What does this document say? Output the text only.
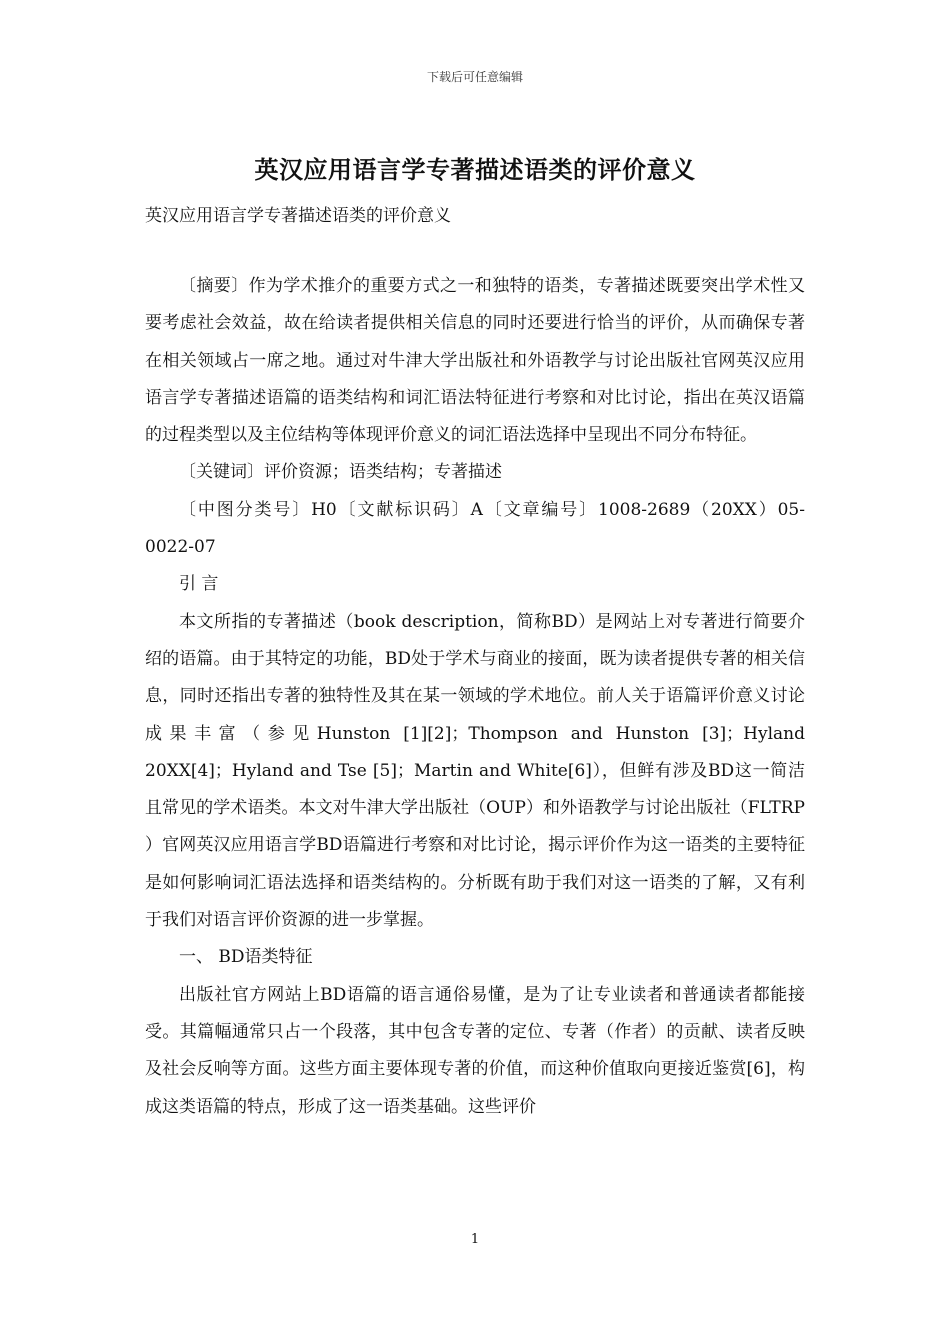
下载后可任意编辑
英汉应用语言学专著描述语类的评价意义
英汉应用语言学专著描述语类的评价意义

〔摘要〕作为学术推介的重要方式之一和独特的语类，专著描述既要突出学术性又要考虑社会效益，故在给读者提供相关信息的同时还要进行恰当的评价，从而确保专著在相关领域占一席之地。通过对牛津大学出版社和外语教学与讨论出版社官网英汉应用语言学专著描述语篇的语类结构和词汇语法特征进行考察和对比讨论，指出在英汉语篇的过程类型以及主位结构等体现评价意义的词汇语法选择中呈现出不同分布特征。

〔关键词〕评价资源；语类结构；专著描述

〔中图分类号〕H0〔文献标识码〕A〔文章编号〕1008-2689（20XX）05-0022-07

引 言

本文所指的专著描述（book description，简称BD）是网站上对专著进行简要介绍的语篇。由于其特定的功能，BD处于学术与商业的接面，既为读者提供专著的相关信息，同时还指出专著的独特性及其在某一领域的学术地位。前人关于语篇评价意义讨论成果丰富（参见Hunston [1][2]；Thompson and Hunston [3]；Hyland 20XX[4]；Hyland and Tse [5]；Martin and White[6]），但鲜有涉及BD这一简洁且常见的学术语类。本文对牛津大学出版社（OUP）和外语教学与讨论出版社（FLTRP ）官网英汉应用语言学BD语篇进行考察和对比讨论，揭示评价作为这一语类的主要特征是如何影响词汇语法选择和语类结构的。分析既有助于我们对这一语类的了解，又有利于我们对语言评价资源的进一步掌握。

一、 BD语类特征

出版社官方网站上BD语篇的语言通俗易懂，是为了让专业读者和普通读者都能接受。其篇幅通常只占一个段落，其中包含专著的定位、专著（作者）的贡献、读者反映及社会反响等方面。这些方面主要体现专著的价值，而这种价值取向更接近鉴赏[6]，构成这类语篇的特点，形成了这一语类基础。这些评价

1
